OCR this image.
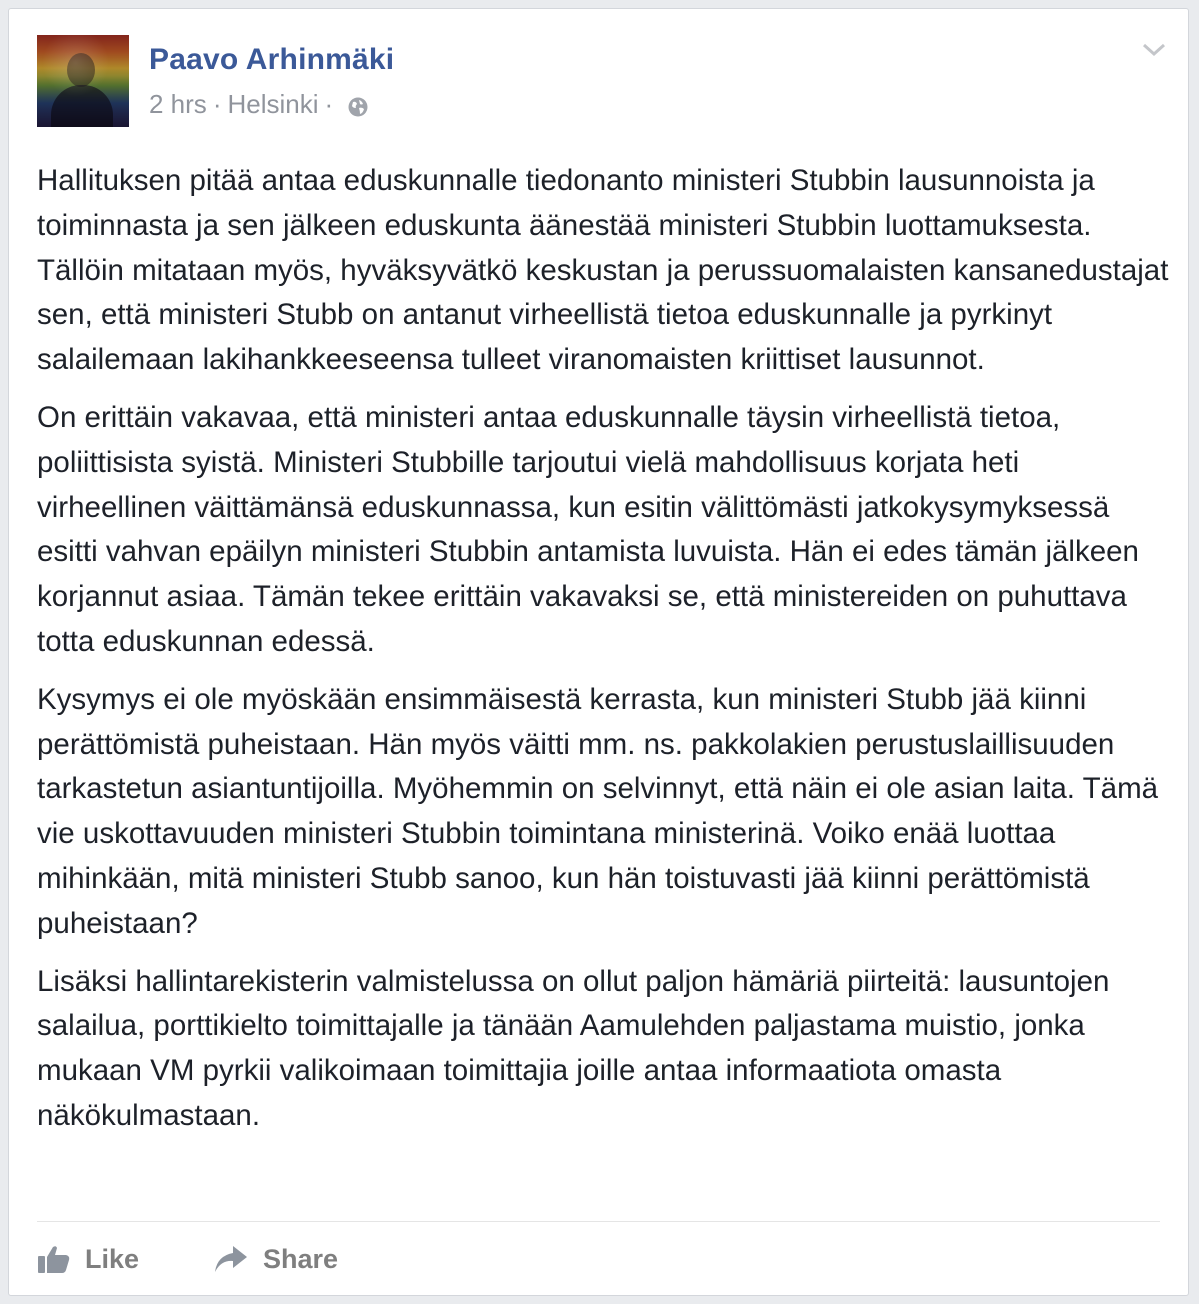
Paavo Arhinmäki
2 hrs · Helsinki ·

Hallituksen pitää antaa eduskunnalle tiedonanto ministeri Stubbin lausunnoista ja toiminnasta ja sen jälkeen eduskunta äänestää ministeri Stubbin luottamuksesta. Tällöin mitataan myös, hyväksyvätkö keskustan ja perussuomalaisten kansanedustajat sen, että ministeri Stubb on antanut virheellistä tietoa eduskunnalle ja pyrkinyt salailemaan lakihankkeeseensa tulleet viranomaisten kriittiset lausunnot.

On erittäin vakavaa, että ministeri antaa eduskunnalle täysin virheellistä tietoa, poliittisista syistä. Ministeri Stubbille tarjoutui vielä mahdollisuus korjata heti virheellinen väittämänsä eduskunnassa, kun esitin välittömästi jatkokysymyksessä esitti vahvan epäilyn ministeri Stubbin antamista luvuista. Hän ei edes tämän jälkeen korjannut asiaa. Tämän tekee erittäin vakavaksi se, että ministereiden on puhuttava totta eduskunnan edessä.

Kysymys ei ole myöskään ensimmäisestä kerrasta, kun ministeri Stubb jää kiinni perättömistä puheistaan. Hän myös väitti mm. ns. pakkolakien perustuslaillisuuden tarkastetun asiantuntijoilla. Myöhemmin on selvinnyt, että näin ei ole asian laita. Tämä vie uskottavuuden ministeri Stubbin toimintana ministerinä. Voiko enää luottaa mihinkään, mitä ministeri Stubb sanoo, kun hän toistuvasti jää kiinni perättömistä puheistaan?

Lisäksi hallintarekisterin valmistelussa on ollut paljon hämäriä piirteitä: lausuntojen salailua, porttikielto toimittajalle ja tänään Aamulehden paljastama muistio, jonka mukaan VM pyrkii valikoimaan toimittajia joille antaa informaatiota omasta näkökulmastaan.

Like	Share
